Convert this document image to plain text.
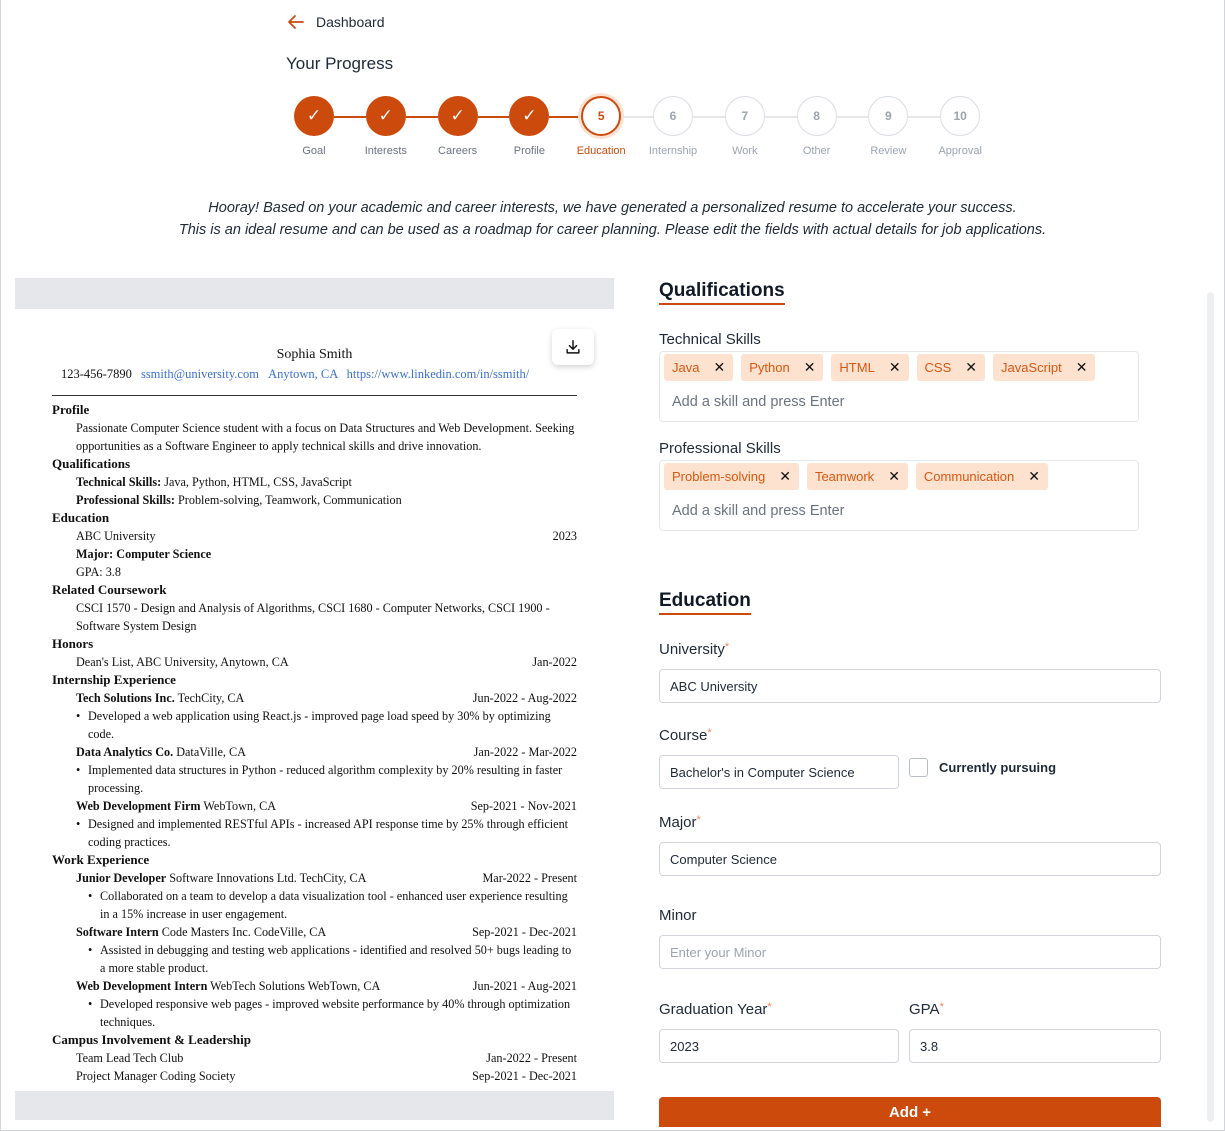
Dashboard
Your Progress
✓
Goal
✓
Interests
✓
Careers
✓
Profile
5
Education
6
Internship
7
Work
8
Other
9
Review
10
Approval
Hooray! Based on your academic and career interests, we have generated a personalized resume to accelerate your success.
This is an ideal resume and can be used as a roadmap for career planning. Please edit the fields with actual details for job applications.
Sophia Smith
123-456-7890 ssmith@university.com Anytown, CA https://www.linkedin.com/in/ssmith/
Profile
Passionate Computer Science student with a focus on Data Structures and Web Development. Seeking opportunities as a Software Engineer to apply technical skills and drive innovation.
Qualifications
Technical Skills: Java, Python, HTML, CSS, JavaScript
Professional Skills: Problem-solving, Teamwork, Communication
Education
ABC University	2023
Major: Computer Science
GPA: 3.8
Related Coursework
CSCI 1570 - Design and Analysis of Algorithms, CSCI 1680 - Computer Networks, CSCI 1900 - Software System Design
Honors
Dean's List, ABC University, Anytown, CA	Jan-2022
Internship Experience
Tech Solutions Inc. TechCity, CA	Jun-2022 - Aug-2022
• Developed a web application using React.js - improved page load speed by 30% by optimizing code.
Data Analytics Co. DataVille, CA	Jan-2022 - Mar-2022
• Implemented data structures in Python - reduced algorithm complexity by 20% resulting in faster processing.
Web Development Firm WebTown, CA	Sep-2021 - Nov-2021
• Designed and implemented RESTful APIs - increased API response time by 25% through efficient coding practices.
Work Experience
Junior Developer Software Innovations Ltd. TechCity, CA	Mar-2022 - Present
• Collaborated on a team to develop a data visualization tool - enhanced user experience resulting in a 15% increase in user engagement.
Software Intern Code Masters Inc. CodeVille, CA	Sep-2021 - Dec-2021
• Assisted in debugging and testing web applications - identified and resolved 50+ bugs leading to a more stable product.
Web Development Intern WebTech Solutions WebTown, CA	Jun-2021 - Aug-2021
• Developed responsive web pages - improved website performance by 40% through optimization techniques.
Campus Involvement & Leadership
Team Lead Tech Club	Jan-2022 - Present
Project Manager Coding Society	Sep-2021 - Dec-2021
Qualifications
Technical Skills
Java ✕ Python ✕ HTML ✕ CSS ✕ JavaScript ✕
Add a skill and press Enter
Professional Skills
Problem-solving ✕ Teamwork ✕ Communication ✕
Add a skill and press Enter
Education
University*
ABC University
Course*
Bachelor's in Computer Science
Currently pursuing
Major*
Computer Science
Minor
Enter your Minor
Graduation Year*
2023	GPA*
3.8
Add +
